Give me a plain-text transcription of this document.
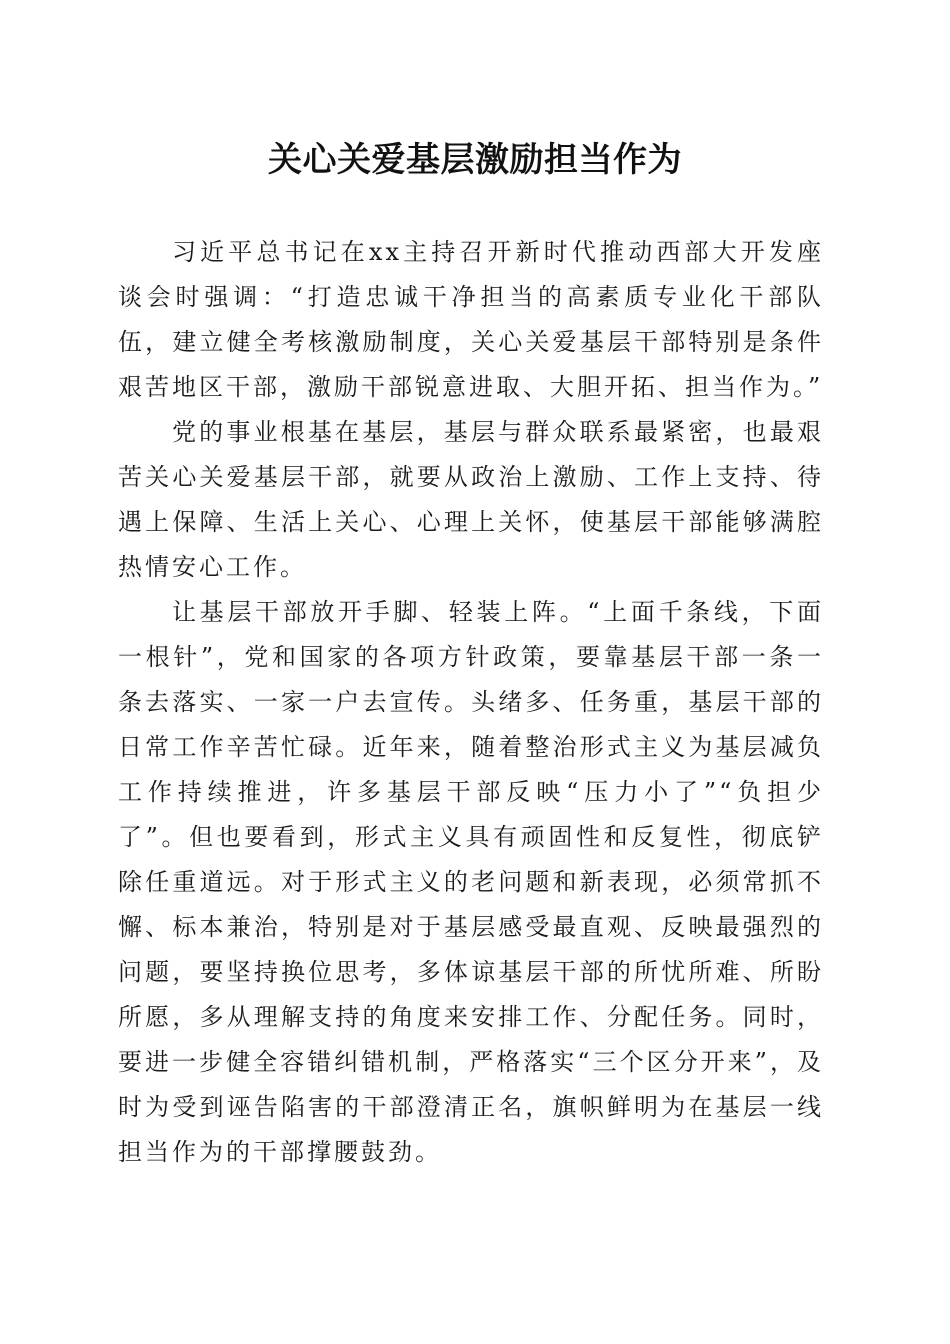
关心关爱基层激励担当作为

习近平总书记在xx主持召开新时代推动西部大开发座谈会时强调：“打造忠诚干净担当的高素质专业化干部队伍，建立健全考核激励制度，关心关爱基层干部特别是条件艰苦地区干部，激励干部锐意进取、大胆开拓、担当作为。”

党的事业根基在基层，基层与群众联系最紧密，也最艰苦关心关爱基层干部，就要从政治上激励、工作上支持、待遇上保障、生活上关心、心理上关怀，使基层干部能够满腔热情安心工作。

让基层干部放开手脚、轻装上阵。“上面千条线，下面一根针”，党和国家的各项方针政策，要靠基层干部一条一条去落实、一家一户去宣传。头绪多、任务重，基层干部的日常工作辛苦忙碌。近年来，随着整治形式主义为基层减负工作持续推进，许多基层干部反映“压力小了”“负担少了”。但也要看到，形式主义具有顽固性和反复性，彻底铲除任重道远。对于形式主义的老问题和新表现，必须常抓不懈、标本兼治，特别是对于基层感受最直观、反映最强烈的问题，要坚持换位思考，多体谅基层干部的所忧所难、所盼所愿，多从理解支持的角度来安排工作、分配任务。同时，要进一步健全容错纠错机制，严格落实“三个区分开来”，及时为受到诬告陷害的干部澄清正名，旗帜鲜明为在基层一线担当作为的干部撑腰鼓劲。
